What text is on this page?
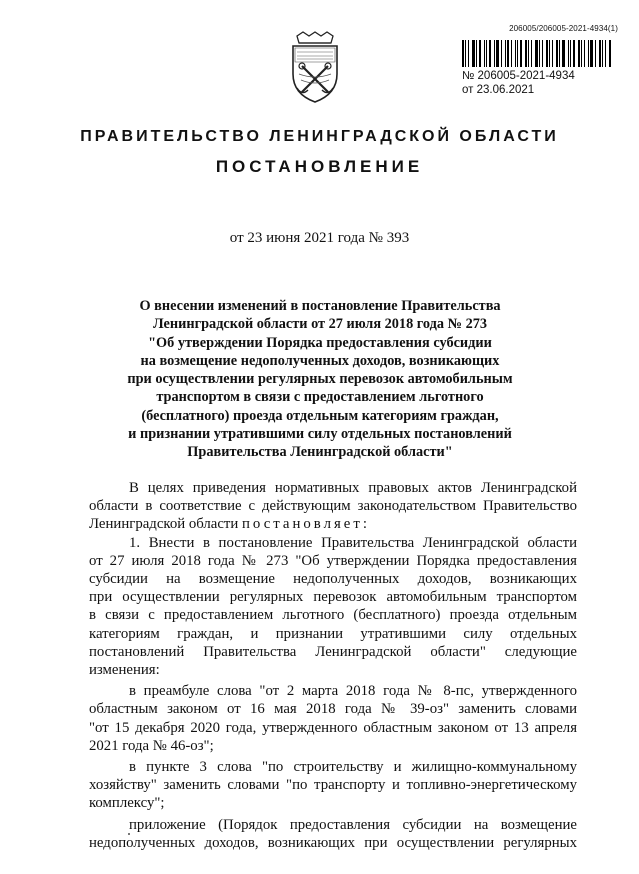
206005/206005-2021-4934(1)
№ 206005-2021-4934
от 23.06.2021
ПРАВИТЕЛЬСТВО ЛЕНИНГРАДСКОЙ ОБЛАСТИ
ПОСТАНОВЛЕНИЕ
от 23 июня 2021 года № 393
О внесении изменений в постановление Правительства
Ленинградской области от 27 июля 2018 года № 273
"Об утверждении Порядка предоставления субсидии
на возмещение недополученных доходов, возникающих
при осуществлении регулярных перевозок автомобильным
транспортом в связи с предоставлением льготного
(бесплатного) проезда отдельным категориям граждан,
и признании утратившими силу отдельных постановлений
Правительства Ленинградской области"
В целях приведения нормативных правовых актов Ленинградской
области в соответствие с действующим законодательством Правительство
Ленинградской области постановляет:
1. Внести в постановление Правительства Ленинградской области
от 27 июля 2018 года № 273 "Об утверждении Порядка предоставления
субсидии на возмещение недополученных доходов, возникающих
при осуществлении регулярных перевозок автомобильным транспортом
в связи с предоставлением льготного (бесплатного) проезда отдельным
категориям граждан, и признании утратившими силу отдельных
постановлений Правительства Ленинградской области" следующие
изменения:
в преамбуле слова "от 2 марта 2018 года № 8-пс, утвержденного
областным законом от 16 мая 2018 года № 39-оз" заменить словами
"от 15 декабря 2020 года, утвержденного областным законом от 13 апреля
2021 года № 46-оз";
в пункте 3 слова "по строительству и жилищно-коммунальному
хозяйству" заменить словами "по транспорту и топливно-энергетическому
комплексу";
приложение (Порядок предоставления субсидии на возмещение
недополученных доходов, возникающих при осуществлении регулярных
